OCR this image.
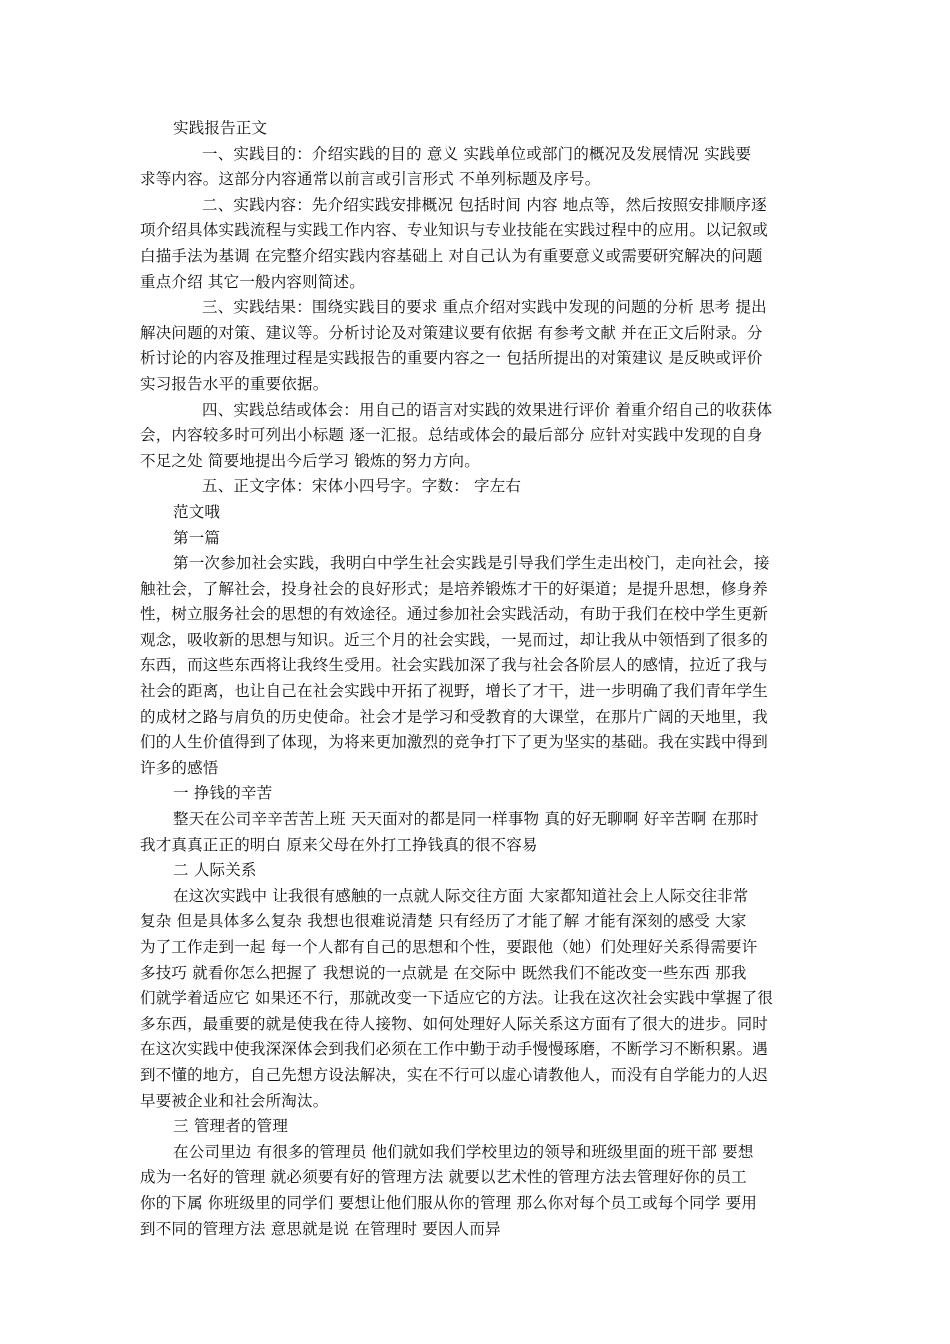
实践报告正文
一、实践目的：介绍实践的目的 意义 实践单位或部门的概况及发展情况 实践要
求等内容。这部分内容通常以前言或引言形式 不单列标题及序号。
二、实践内容：先介绍实践安排概况 包括时间 内容 地点等，然后按照安排顺序逐
项介绍具体实践流程与实践工作内容、专业知识与专业技能在实践过程中的应用。以记叙或
白描手法为基调 在完整介绍实践内容基础上 对自己认为有重要意义或需要研究解决的问题
重点介绍 其它一般内容则简述。
三、实践结果：围绕实践目的要求 重点介绍对实践中发现的问题的分析 思考 提出
解决问题的对策、建议等。分析讨论及对策建议要有依据 有参考文献 并在正文后附录。分
析讨论的内容及推理过程是实践报告的重要内容之一 包括所提出的对策建议 是反映或评价
实习报告水平的重要依据。
四、实践总结或体会：用自己的语言对实践的效果进行评价 着重介绍自己的收获体
会，内容较多时可列出小标题 逐一汇报。总结或体会的最后部分 应针对实践中发现的自身
不足之处 简要地提出今后学习 锻炼的努力方向。
五、正文字体：宋体小四号字。字数： 字左右
范文哦
第一篇
第一次参加社会实践，我明白中学生社会实践是引导我们学生走出校门，走向社会，接
触社会，了解社会，投身社会的良好形式；是培养锻炼才干的好渠道；是提升思想，修身养
性，树立服务社会的思想的有效途径。通过参加社会实践活动，有助于我们在校中学生更新
观念，吸收新的思想与知识。近三个月的社会实践，一晃而过，却让我从中领悟到了很多的
东西，而这些东西将让我终生受用。社会实践加深了我与社会各阶层人的感情，拉近了我与
社会的距离，也让自己在社会实践中开拓了视野，增长了才干，进一步明确了我们青年学生
的成材之路与肩负的历史使命。社会才是学习和受教育的大课堂，在那片广阔的天地里，我
们的人生价值得到了体现，为将来更加激烈的竞争打下了更为坚实的基础。我在实践中得到
许多的感悟
一 挣钱的辛苦
整天在公司辛辛苦苦上班 天天面对的都是同一样事物 真的好无聊啊 好辛苦啊 在那时
我才真真正正的明白 原来父母在外打工挣钱真的很不容易
二 人际关系
在这次实践中 让我很有感触的一点就人际交往方面 大家都知道社会上人际交往非常
复杂 但是具体多么复杂 我想也很难说清楚 只有经历了才能了解 才能有深刻的感受 大家
为了工作走到一起 每一个人都有自己的思想和个性，要跟他（她）们处理好关系得需要许
多技巧 就看你怎么把握了 我想说的一点就是 在交际中 既然我们不能改变一些东西 那我
们就学着适应它 如果还不行，那就改变一下适应它的方法。让我在这次社会实践中掌握了很
多东西，最重要的就是使我在待人接物、如何处理好人际关系这方面有了很大的进步。同时
在这次实践中使我深深体会到我们必须在工作中勤于动手慢慢琢磨，不断学习不断积累。遇
到不懂的地方，自己先想方设法解决，实在不行可以虚心请教他人，而没有自学能力的人迟
早要被企业和社会所淘汰。
三 管理者的管理
在公司里边 有很多的管理员 他们就如我们学校里边的领导和班级里面的班干部 要想
成为一名好的管理 就必须要有好的管理方法 就要以艺术性的管理方法去管理好你的员工
你的下属 你班级里的同学们 要想让他们服从你的管理 那么你对每个员工或每个同学 要用
到不同的管理方法 意思就是说 在管理时 要因人而异
